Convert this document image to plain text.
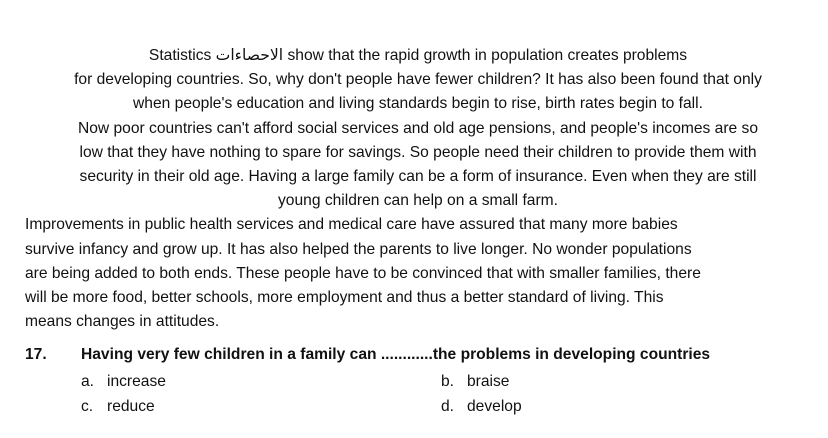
Statistics الاحصاءات show that the rapid growth in population creates problems
for developing countries. So, why don't people have fewer children? It has also been found that only
when people's education and living standards begin to rise, birth rates begin to fall.

Now poor countries can't afford social services and old age pensions, and people's incomes are so
low that they have nothing to spare for savings. So people need their children to provide them with
security in their old age. Having a large family can be a form of insurance. Even when they are still
young children can help on a small farm.

Improvements in public health services and medical care have assured that many more babies
survive infancy and grow up. It has also helped the parents to live longer. No wonder populations
are being added to both ends. These people have to be convinced that with smaller families, there
will be more food, better schools, more employment and thus a better standard of living. This
means changes in attitudes.

17.	Having very few children in a family can ............the problems in developing countries
a. increase	b. braise
c. reduce	d. develop
